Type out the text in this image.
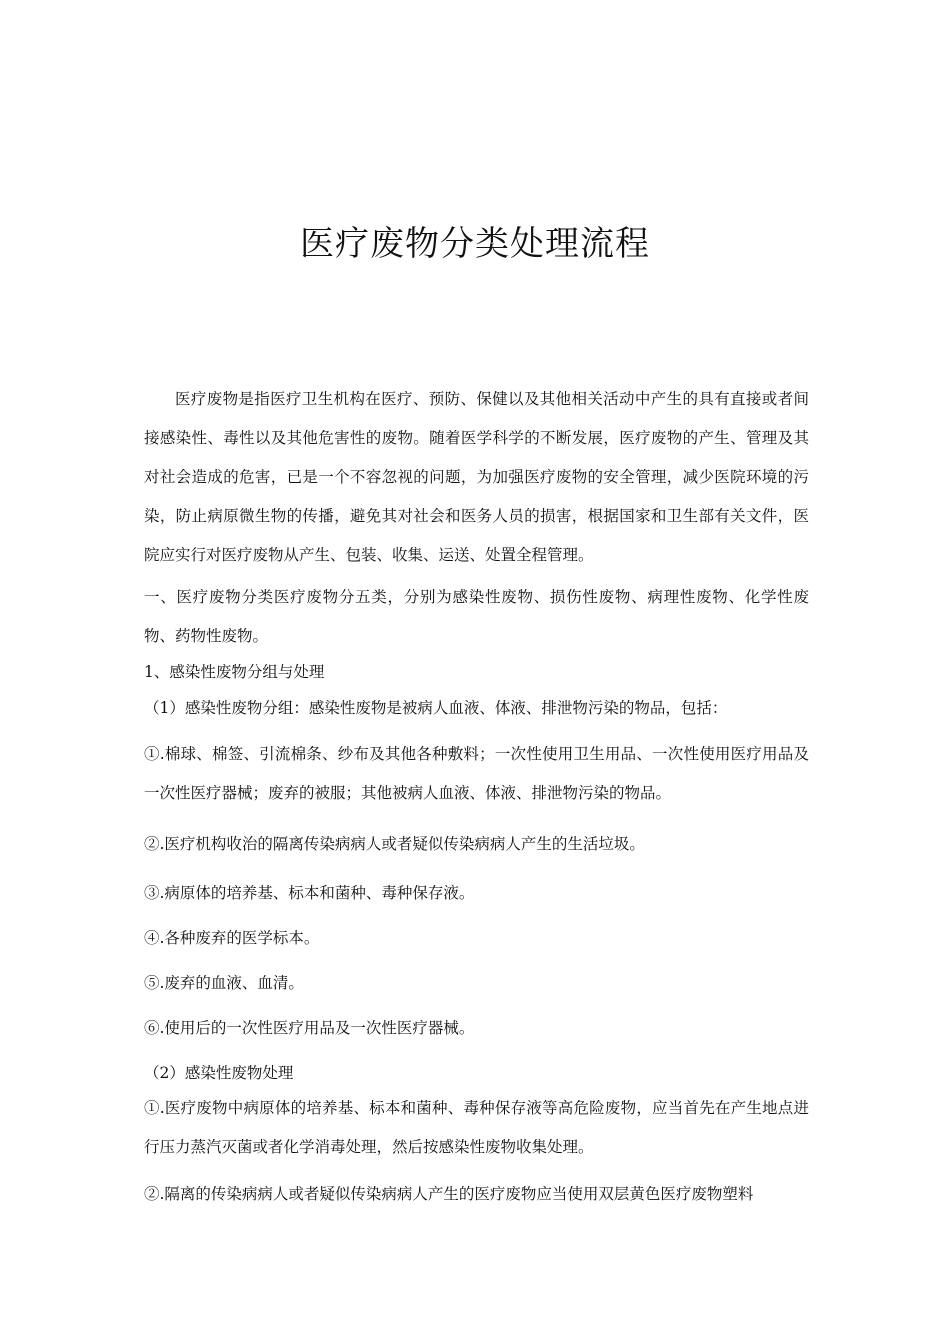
医疗废物分类处理流程

医疗废物是指医疗卫生机构在医疗、预防、保健以及其他相关活动中产生的具有直接或者间接感染性、毒性以及其他危害性的废物。随着医学科学的不断发展，医疗废物的产生、管理及其对社会造成的危害，已是一个不容忽视的问题，为加强医疗废物的安全管理，减少医院环境的污染，防止病原微生物的传播，避免其对社会和医务人员的损害，根据国家和卫生部有关文件，医院应实行对医疗废物从产生、包装、收集、运送、处置全程管理。

一、医疗废物分类医疗废物分五类，分别为感染性废物、损伤性废物、病理性废物、化学性废物、药物性废物。

1、感染性废物分组与处理

（1）感染性废物分组：感染性废物是被病人血液、体液、排泄物污染的物品，包括：

①.棉球、棉签、引流棉条、纱布及其他各种敷料；一次性使用卫生用品、一次性使用医疗用品及一次性医疗器械；废弃的被服；其他被病人血液、体液、排泄物污染的物品。

②.医疗机构收治的隔离传染病病人或者疑似传染病病人产生的生活垃圾。

③.病原体的培养基、标本和菌种、毒种保存液。

④.各种废弃的医学标本。

⑤.废弃的血液、血清。

⑥.使用后的一次性医疗用品及一次性医疗器械。

（2）感染性废物处理

①.医疗废物中病原体的培养基、标本和菌种、毒种保存液等高危险废物，应当首先在产生地点进行压力蒸汽灭菌或者化学消毒处理，然后按感染性废物收集处理。

②.隔离的传染病病人或者疑似传染病病人产生的医疗废物应当使用双层黄色医疗废物塑料
